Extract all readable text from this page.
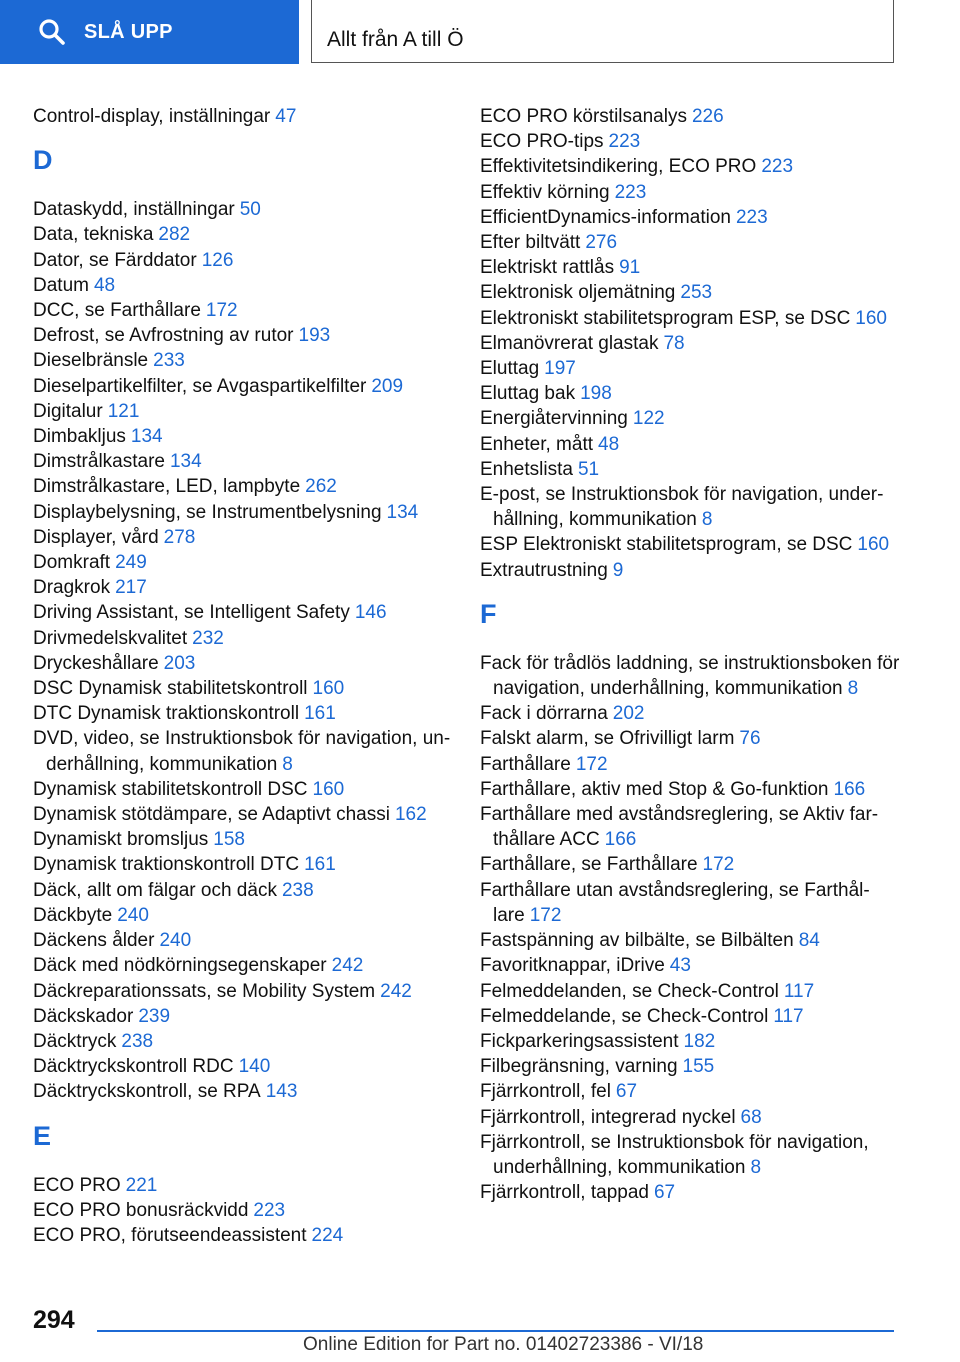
SLÅ UPP	Allt från A till Ö
Control-display, inställningar 47
D
Dataskydd, inställningar 50
Data, tekniska 282
Dator, se Färddator 126
Datum 48
DCC, se Farthållare 172
Defrost, se Avfrostning av rutor 193
Dieselbränsle 233
Dieselpartikelfilter, se Avgaspartikelfilter 209
Digitalur 121
Dimbakljus 134
Dimstrålkastare 134
Dimstrålkastare, LED, lampbyte 262
Displaybelysning, se Instrumentbelysning 134
Displayer, vård 278
Domkraft 249
Dragkrok 217
Driving Assistant, se Intelligent Safety 146
Drivmedelskvalitet 232
Dryckeshållare 203
DSC Dynamisk stabilitetskontroll 160
DTC Dynamisk traktionskontroll 161
DVD, video, se Instruktionsbok för navigation, underhållning, kommunikation 8
Dynamisk stabilitetskontroll DSC 160
Dynamisk stötdämpare, se Adaptivt chassi 162
Dynamiskt bromsljus 158
Dynamisk traktionskontroll DTC 161
Däck, allt om fälgar och däck 238
Däckbyte 240
Däckens ålder 240
Däck med nödkörningsegenskaper 242
Däckreparationssats, se Mobility System 242
Däckskador 239
Däcktryck 238
Däcktryckskontroll RDC 140
Däcktryckskontroll, se RPA 143
E
ECO PRO 221
ECO PRO bonusräckvidd 223
ECO PRO, förutseendeassistent 224
ECO PRO körstilsanalys 226
ECO PRO-tips 223
Effektivitetsindikering, ECO PRO 223
Effektiv körning 223
EfficientDynamics-information 223
Efter biltvätt 276
Elektriskt rattlås 91
Elektronisk oljemätning 253
Elektroniskt stabilitetsprogram ESP, se DSC 160
Elmanövrerat glastak 78
Eluttag 197
Eluttag bak 198
Energiåtervinning 122
Enheter, mått 48
Enhetslista 51
E-post, se Instruktionsbok för navigation, underhållning, kommunikation 8
ESP Elektroniskt stabilitetsprogram, se DSC 160
Extrautrustning 9
F
Fack för trådlös laddning, se instruktionsboken för navigation, underhållning, kommunikation 8
Fack i dörrarna 202
Falskt alarm, se Ofrivilligt larm 76
Farthållare 172
Farthållare, aktiv med Stop & Go-funktion 166
Farthållare med avståndsreglering, se Aktiv farthållare ACC 166
Farthållare, se Farthållare 172
Farthållare utan avståndsreglering, se Farthållare 172
Fastspänning av bilbälte, se Bilbälten 84
Favoritknappar, iDrive 43
Felmeddelanden, se Check-Control 117
Felmeddelande, se Check-Control 117
Fickparkeringsassistent 182
Filbegränsning, varning 155
Fjärrkontroll, fel 67
Fjärrkontroll, integrerad nyckel 68
Fjärrkontroll, se Instruktionsbok för navigation, underhållning, kommunikation 8
Fjärrkontroll, tappad 67
294
Online Edition for Part no. 01402723386 - VI/18
